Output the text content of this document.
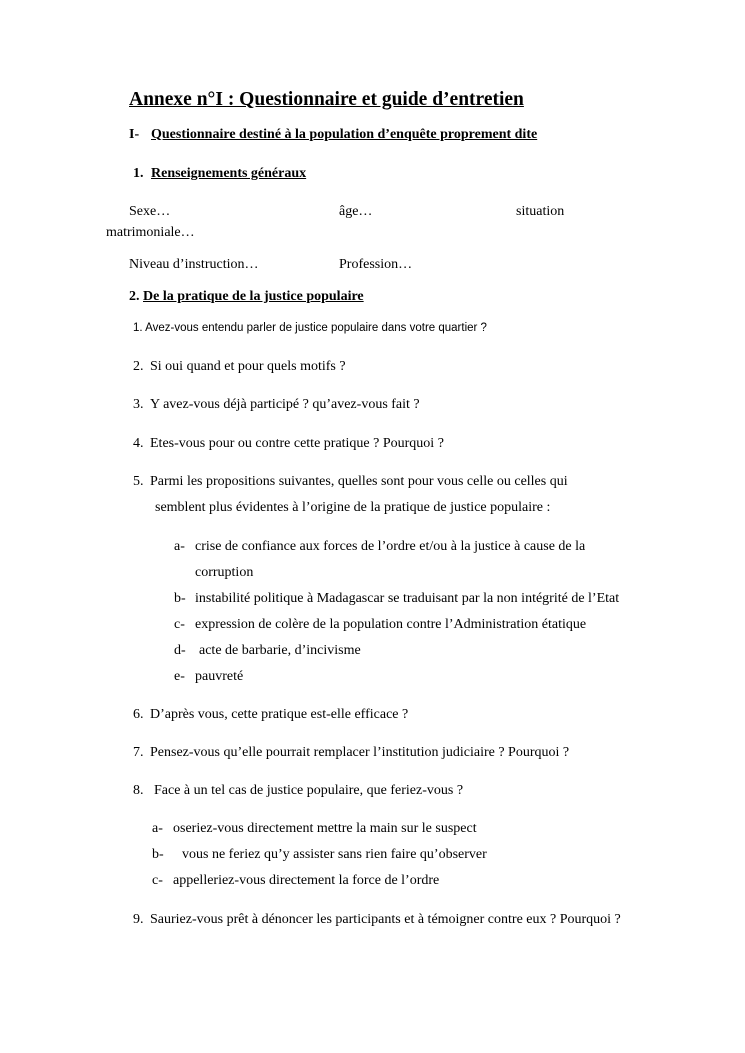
Annexe n°I : Questionnaire et guide d’entretien
I- Questionnaire destiné à la population d’enquête proprement dite
1. Renseignements généraux
Sexe…	âge…	situation
matrimoniale…
Niveau d’instruction…	Profession…
2. De la pratique de la justice populaire
1. Avez-vous entendu parler de justice populaire dans votre quartier ?
2. Si oui quand et pour quels motifs ?
3. Y avez-vous déjà participé ? qu’avez-vous fait ?
4. Etes-vous pour ou contre cette pratique ? Pourquoi ?
5. Parmi les propositions suivantes, quelles sont pour vous celle ou celles qui
semblent plus évidentes à l’origine de la pratique de justice populaire :
a- crise de confiance aux forces de l’ordre et/ou à la justice à cause de la
corruption
b- instabilité politique à Madagascar se traduisant par la non intégrité de l’Etat
c- expression de colère de la population contre l’Administration étatique
d- acte de barbarie, d’incivisme
e- pauvreté
6. D’après vous, cette pratique est-elle efficace ?
7. Pensez-vous qu’elle pourrait remplacer l’institution judiciaire ? Pourquoi ?
8. Face à un tel cas de justice populaire, que feriez-vous ?
a- oseriez-vous directement mettre la main sur le suspect
b- vous ne feriez qu’y assister sans rien faire qu’observer
c- appelleriez-vous directement la force de l’ordre
9. Sauriez-vous prêt à dénoncer les participants et à témoigner contre eux ? Pourquoi ?
